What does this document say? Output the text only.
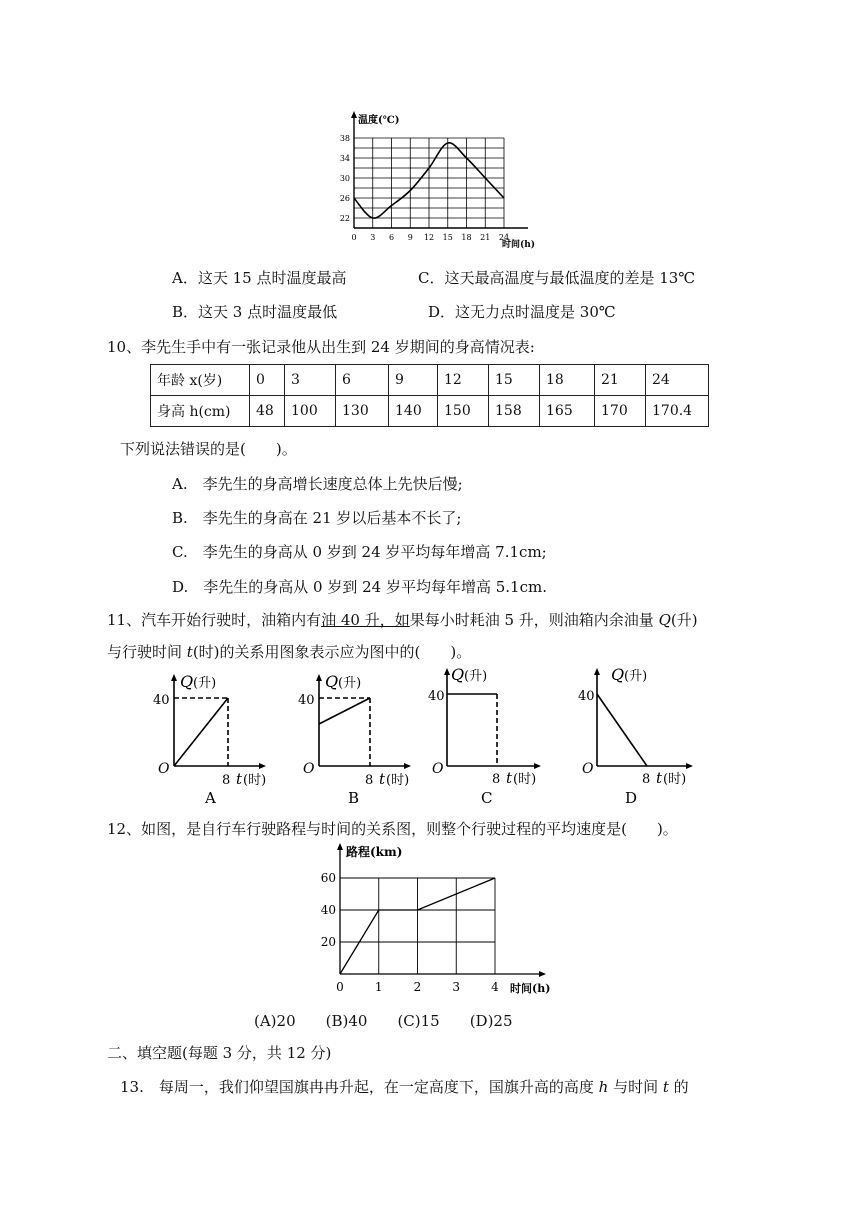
温度(℃)
时间(h)
22
26
30
34
38
0 3 6 9 12 15 18 21 24
A．这天 15 点时温度最高	C．这天最高温度与最低温度的差是 13℃
B．这天 3 点时温度最低	D．这无力点时温度是 30℃
10、李先生手中有一张记录他从出生到 24 岁期间的身高情况表:
年龄 x(岁)	0	3	6	9	12	15	18	21	24
身高 h(cm)	48	100	130	140	150	158	165	170	170.4
下列说法错误的是(　　)。
A.　李先生的身高增长速度总体上先快后慢;
B.　李先生的身高在 21 岁以后基本不长了;
C.　李先生的身高从 0 岁到 24 岁平均每年增高 7.1cm;
D.　李先生的身高从 0 岁到 24 岁平均每年增高 5.1cm.
11、汽车开始行驶时，油箱内有油 40 升，如果每小时耗油 5 升，则油箱内余油量 Q(升)
与行驶时间 t(时)的关系用图象表示应为图中的(　　)。
Q (升)
40
O
8 t (时)
A
Q (升)
40
O
8 t (时)
B
Q (升)
40
O
8 t (时)
C
Q (升)
40
O
8 t (时)
D
12、如图，是自行车行驶路程与时间的关系图，则整个行驶过程的平均速度是(　　)。
路程(km)
时间(h)
20
40
60
0	1	2	3	4
(A)20　　(B)40　　(C)15　　(D)25
二、填空题(每题 3 分，共 12 分)
13.　每周一，我们仰望国旗冉冉升起，在一定高度下，国旗升高的高度 h 与时间 t 的
